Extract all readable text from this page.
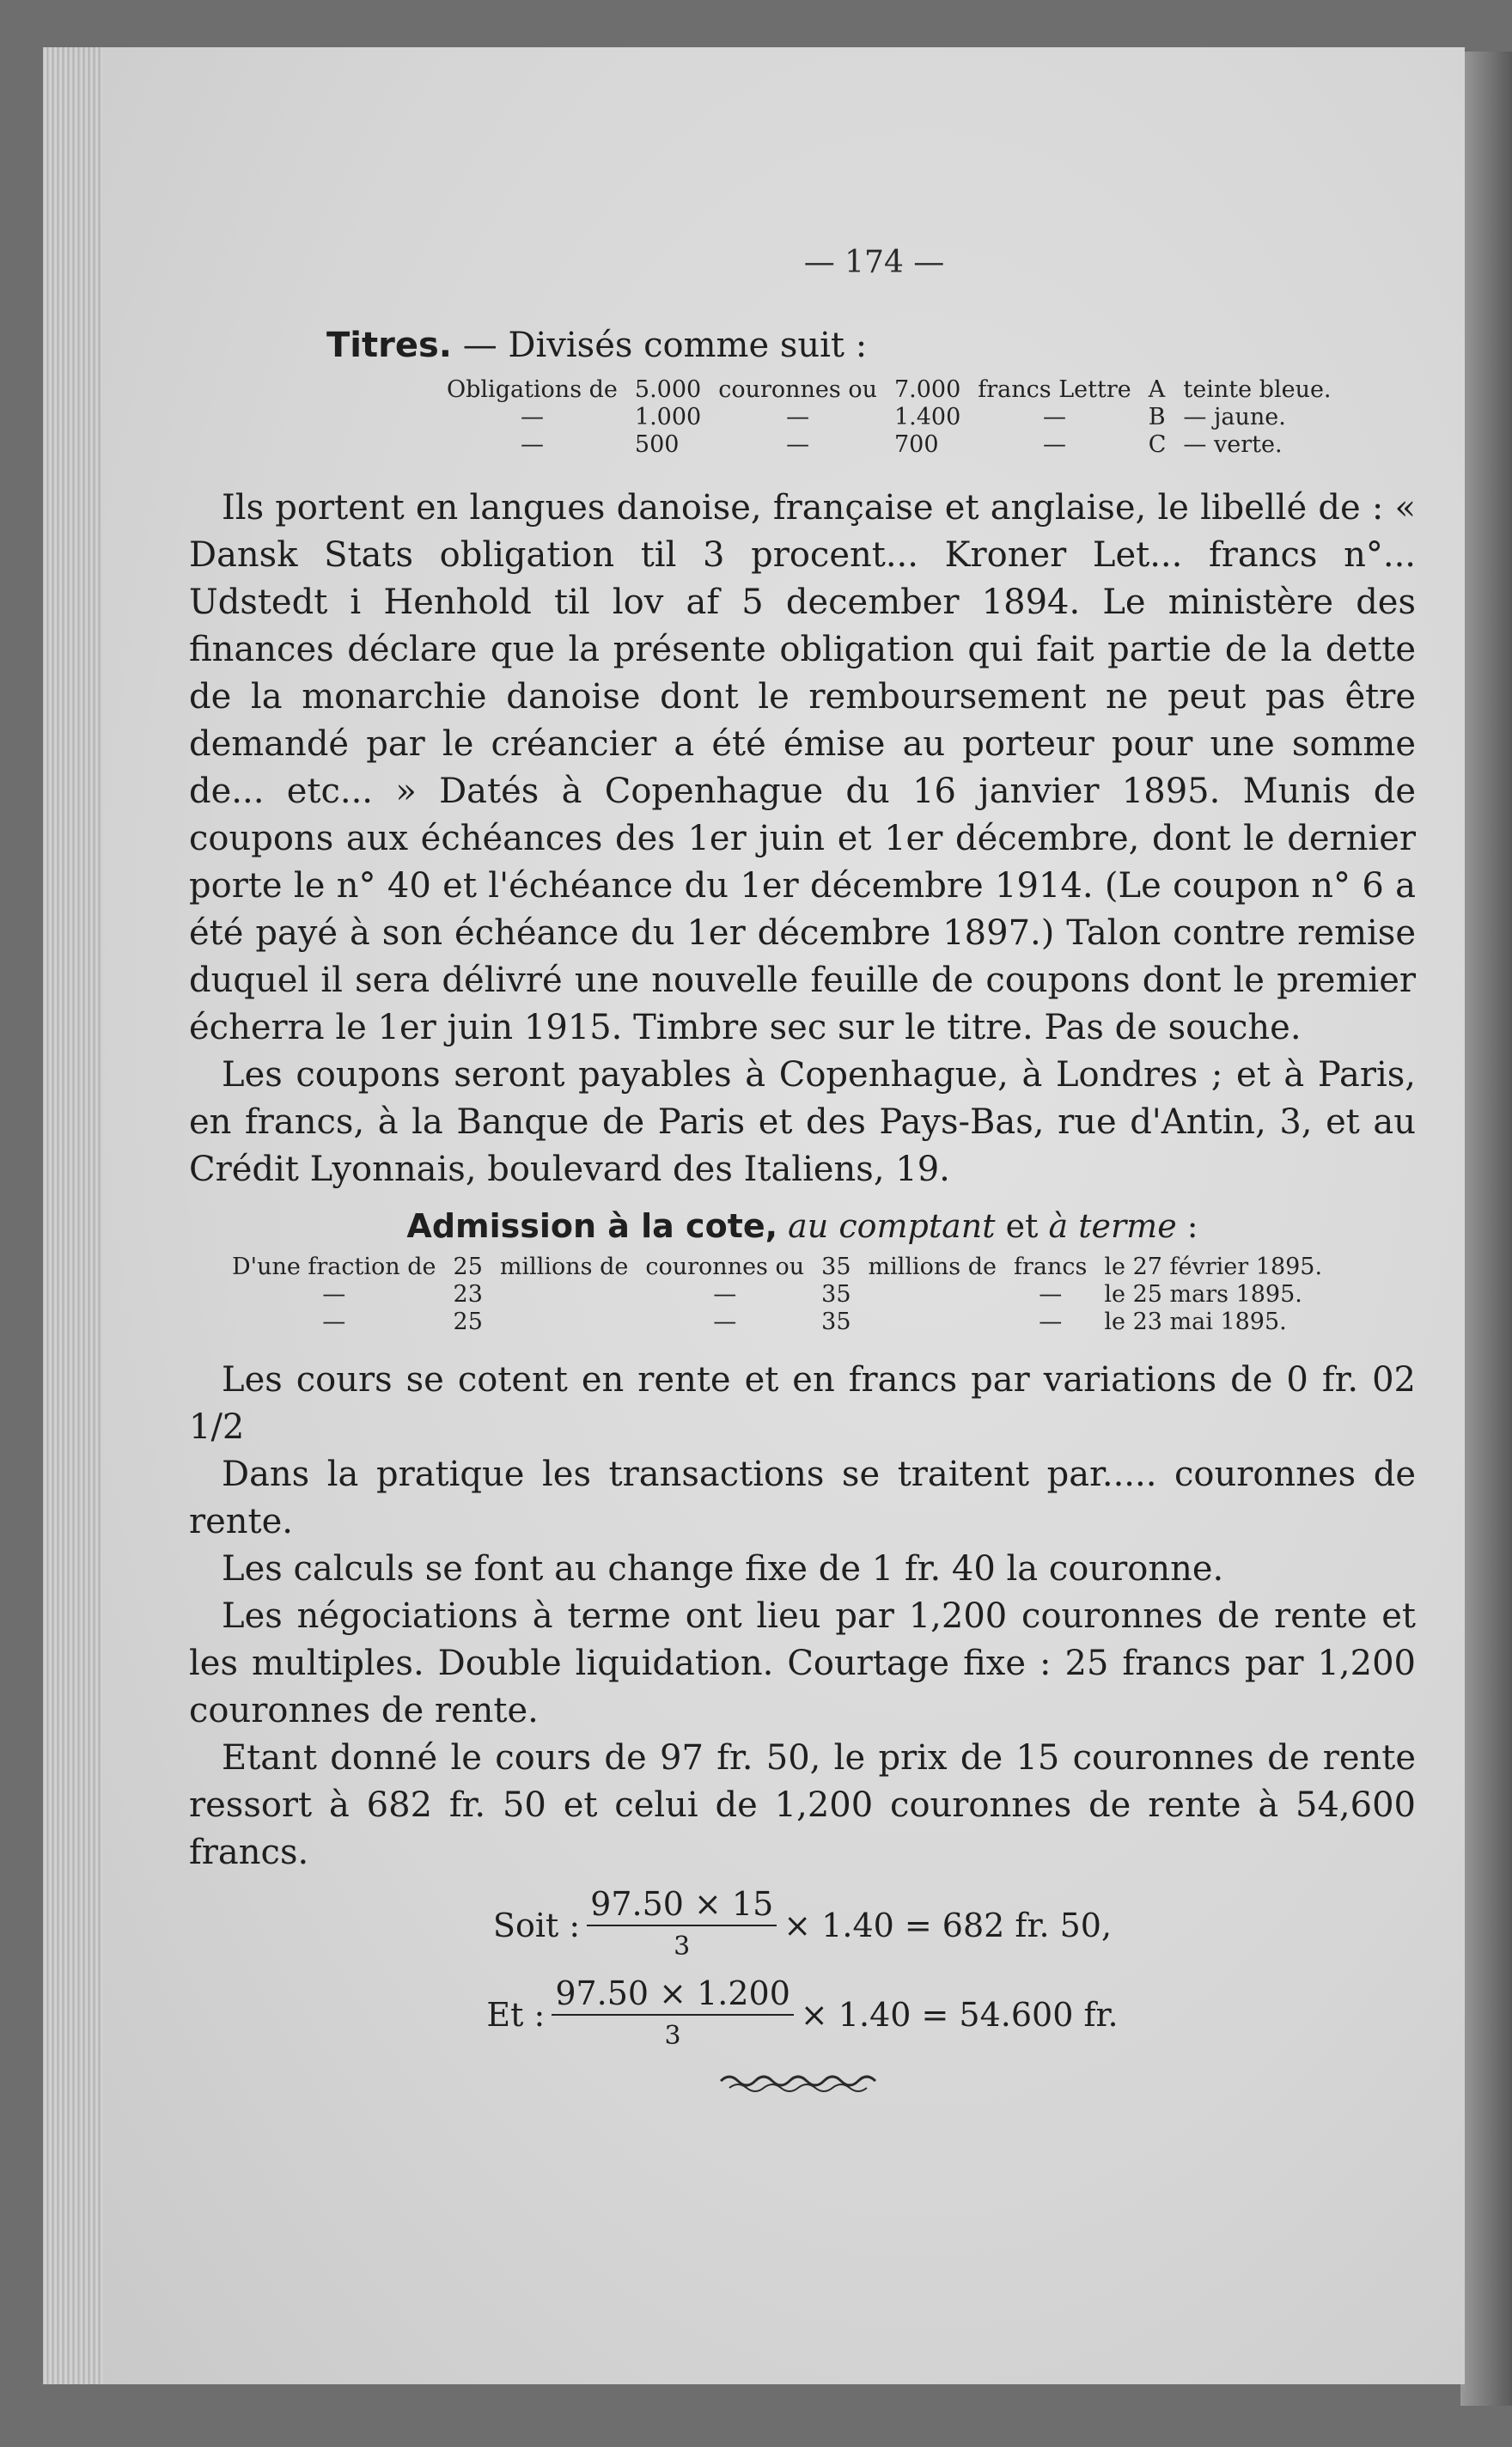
— 174 —
Titres. — Divisés comme suit :
Obligations de	5.000	couronnes ou	7.000	francs Lettre	A	teinte bleue.
—	1.000	—	1.400	—	B	— jaune.
—	500	—	700	—	C	— verte.

Ils portent en langues danoise, française et anglaise, le libellé de : « Dansk Stats obligation til 3 procent... Kroner Let... francs n°... Udstedt i Henhold til lov af 5 december 1894. Le ministère des finances déclare que la présente obligation qui fait partie de la dette de la monarchie danoise dont le remboursement ne peut pas être demandé par le créancier a été émise au porteur pour une somme de... etc... » Datés à Copenhague du 16 janvier 1895. Munis de coupons aux échéances des 1er juin et 1er décembre, dont le dernier porte le n° 40 et l'échéance du 1er décembre 1914. (Le coupon n° 6 a été payé à son échéance du 1er décembre 1897.) Talon contre remise duquel il sera délivré une nouvelle feuille de coupons dont le premier écherra le 1er juin 1915. Timbre sec sur le titre. Pas de souche.

Les coupons seront payables à Copenhague, à Londres ; et à Paris, en francs, à la Banque de Paris et des Pays-Bas, rue d'Antin, 3, et au Crédit Lyonnais, boulevard des Italiens, 19.

Admission à la cote, au comptant et à terme :
D'une fraction de	25	millions de	couronnes ou	35	millions de	francs	le 27 février 1895.
—	23		—	35		—	le 25 mars 1895.
—	25		—	35		—	le 23 mai 1895.

Les cours se cotent en rente et en francs par variations de 0 fr. 02 1/2

Dans la pratique les transactions se traitent par..... couronnes de rente.

Les calculs se font au change fixe de 1 fr. 40 la couronne.

Les négociations à terme ont lieu par 1,200 couronnes de rente et les multiples. Double liquidation. Courtage fixe : 25 francs par 1,200 couronnes de rente.

Etant donné le cours de 97 fr. 50, le prix de 15 couronnes de rente ressort à 682 fr. 50 et celui de 1,200 couronnes de rente à 54,600 francs.

Soit : $\frac{97.50 \times 15}{3} \times 1.40 = 682$ fr. 50,
Et : $\frac{97.50 \times 1.200}{3} \times 1.40 = 54.600$ fr.
